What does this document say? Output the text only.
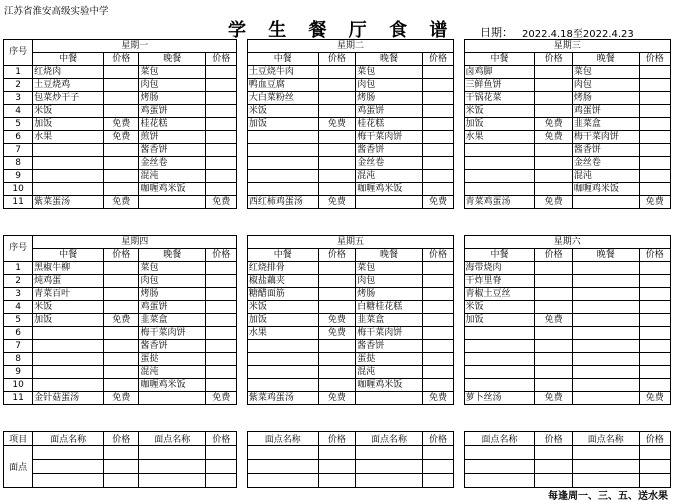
江苏省淮安高级实验中学
学 生 餐 厅 食 谱 日期： 2022.4.18至2022.4.23
序号	星期一					星期二					星期三			
	中餐	价格	晚餐	价格		中餐	价格	晚餐	价格		中餐	价格	晚餐	价格
1	红烧肉		菜包			土豆烧牛肉		菜包			卤鸡脚		菜包	
2	土豆烧鸡		肉包			鸭血豆腐		肉包			三鲜鱼饼		肉包	
3	包菜炒干子		烤肠			大白菜粉丝		烤肠			干锅花菜		烤肠	
4	米饭		鸡蛋饼			米饭		鸡蛋饼			米饭		鸡蛋饼	
5	加饭	免费	桂花糕			加饭	免费	桂花糕			加饭	免费	韭菜盒	
6	水果	免费	煎饼					梅干菜肉饼			水果	免费	梅干菜肉饼	
7			酱香饼					酱香饼					酱香饼	
8			金丝卷					金丝卷					金丝卷	
9			混沌					混沌					混沌	
10			咖喱鸡米饭					咖喱鸡米饭					咖喱鸡米饭	
11	紫菜蛋汤	免费		免费		西红柿鸡蛋汤	免费		免费		青菜鸡蛋汤	免费		免费
序号	星期四					星期五					星期六			
	中餐	价格	晚餐	价格		中餐	价格	晚餐	价格		中餐	价格	晚餐	价格
1	黑椒牛柳		菜包			红烧排骨		菜包			海带烧肉			
2	炖鸡蛋		肉包			椒盐藕夹		肉包			干炸里脊			
3	青菜百叶		烤肠			糖醋面筋		烤肠			青椒土豆丝			
4	米饭		鸡蛋饼			米饭		白糖桂花糕			米饭			
5	加饭	免费	韭菜盒			加饭	免费	韭菜盒			加饭	免费		
6			梅干菜肉饼			水果	免费	梅干菜肉饼						
7			酱香饼					酱香饼						
8			蛋挞					蛋挞						
9			混沌					混沌						
10			咖喱鸡米饭					咖喱鸡米饭						
11	金针菇蛋汤	免费		免费		紫菜鸡蛋汤	免费		免费		萝卜丝汤	免费		免费
项目	面点名称	价格	面点名称	价格		面点名称	价格	面点名称	价格		面点名称	价格	面点名称	价格
面点														

每逢周一、三、五、送水果
